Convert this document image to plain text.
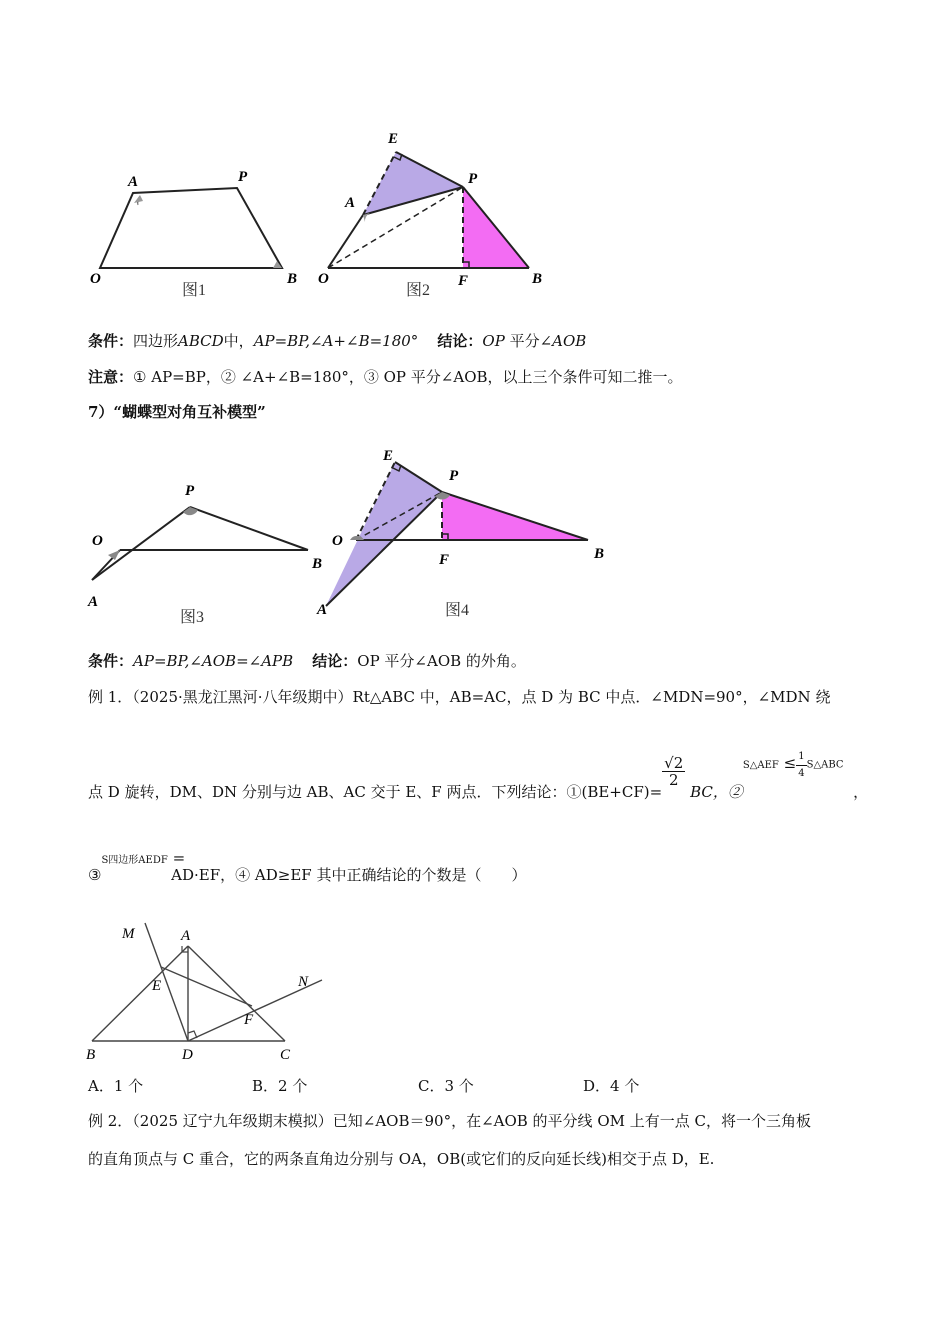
A	P
O	B
图1
E
A
P
O	F	B
图2
条件：四边形ABCD中，AP=BP,∠A+∠B=180° 结论：OP 平分∠AOB
注意：① AP=BP，② ∠A+∠B=180°，③ OP 平分∠AOB，以上三个条件可知二推一。
7）“蝴蝶型对角互补模型”
P
O
B
A
图3
E
P
O
F	B
A	图4
条件：AP=BP,∠AOB=∠APB 结论：OP 平分∠AOB 的外角。
例 1．（2025·黑龙江黑河·八年级期中）Rt△ABC 中，AB=AC，点 D 为 BC 中点．∠MDN=90°，∠MDN 绕
点 D 旋转，DM、DN 分别与边 AB、AC 交于 E、F 两点．下列结论：①(BE+CF)=
$\frac{√2}{2}$
BC，②S△AEF ≤ $\frac{1}{4}$ S△ABC  ，
③S四边形AEDF =AD·EF，④ AD≥EF 其中正确结论的个数是（　　）
M	A
N
E
F
B	D	C
A．1 个	B．2 个	C．3 个	D．4 个
例 2．（2025 辽宁九年级期末模拟）已知∠AOB＝90°，在∠AOB 的平分线 OM 上有一点 C，将一个三角板
的直角顶点与 C 重合，它的两条直角边分别与 OA，OB(或它们的反向延长线)相交于点 D，E.
